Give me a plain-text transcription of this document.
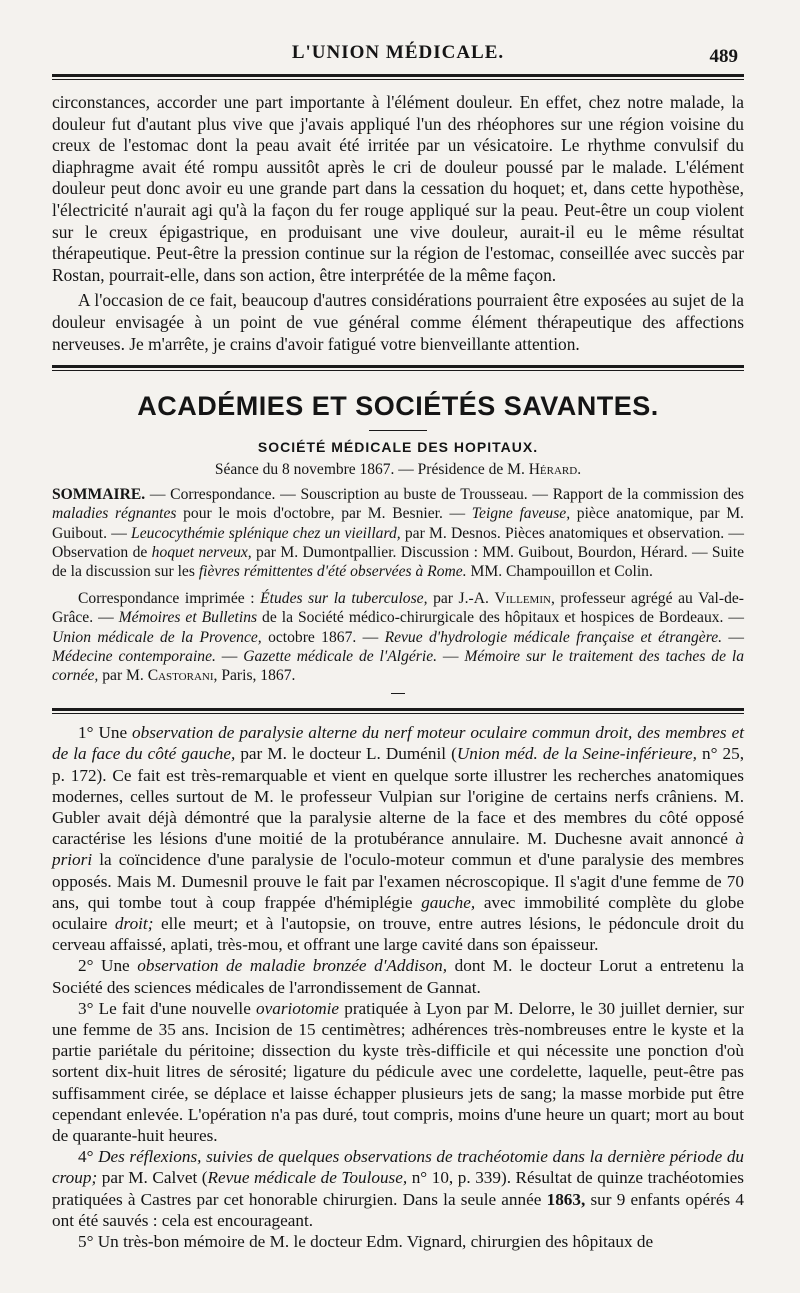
L'UNION MÉDICALE.	489

circonstances, accorder une part importante à l'élément douleur. En effet, chez notre malade, la douleur fut d'autant plus vive que j'avais appliqué l'un des rhéophores sur une région voisine du creux de l'estomac dont la peau avait été irritée par un vésicatoire. Le rhythme convulsif du diaphragme avait été rompu aussitôt après le cri de douleur poussé par le malade. L'élément douleur peut donc avoir eu une grande part dans la cessation du hoquet; et, dans cette hypothèse, l'électricité n'aurait agi qu'à la façon du fer rouge appliqué sur la peau. Peut-être un coup violent sur le creux épigastrique, en produisant une vive douleur, aurait-il eu le même résultat thérapeutique. Peut-être la pression continue sur la région de l'estomac, conseillée avec succès par Rostan, pourrait-elle, dans son action, être interprétée de la même façon.

A l'occasion de ce fait, beaucoup d'autres considérations pourraient être exposées au sujet de la douleur envisagée à un point de vue général comme élément thérapeutique des affections nerveuses. Je m'arrête, je crains d'avoir fatigué votre bienveillante attention.

ACADÉMIES ET SOCIÉTÉS SAVANTES.
SOCIÉTÉ MÉDICALE DES HOPITAUX.
Séance du 8 novembre 1867. — Présidence de M. Hérard.

SOMMAIRE. — Correspondance. — Souscription au buste de Trousseau. — Rapport de la commission des maladies régnantes pour le mois d'octobre, par M. Besnier. — Teigne faveuse, pièce anatomique, par M. Guibout. — Leucocythémie splénique chez un vieillard, par M. Desnos. Pièces anatomiques et observation. — Observation de hoquet nerveux, par M. Dumontpallier. Discussion : MM. Guibout, Bourdon, Hérard. — Suite de la discussion sur les fièvres rémittentes d'été observées à Rome. MM. Champouillon et Colin.

Correspondance imprimée : Études sur la tuberculose, par J.-A. Villemin, professeur agrégé au Val-de-Grâce. — Mémoires et Bulletins de la Société médico-chirurgicale des hôpitaux et hospices de Bordeaux. — Union médicale de la Provence, octobre 1867. — Revue d'hydrologie médicale française et étrangère. — Médecine contemporaine. — Gazette médicale de l'Algérie. — Mémoire sur le traitement des taches de la cornée, par M. Castorani, Paris, 1867.

1° Une observation de paralysie alterne du nerf moteur oculaire commun droit, des membres et de la face du côté gauche, par M. le docteur L. Duménil (Union méd. de la Seine-inférieure, n° 25, p. 172). Ce fait est très-remarquable et vient en quelque sorte illustrer les recherches anatomiques modernes, celles surtout de M. le professeur Vulpian sur l'origine de certains nerfs crâniens. M. Gubler avait déjà démontré que la paralysie alterne de la face et des membres du côté opposé caractérise les lésions d'une moitié de la protubérance annulaire. M. Duchesne avait annoncé à priori la coïncidence d'une paralysie de l'oculo-moteur commun et d'une paralysie des membres opposés. Mais M. Dumesnil prouve le fait par l'examen nécroscopique. Il s'agit d'une femme de 70 ans, qui tombe tout à coup frappée d'hémiplégie gauche, avec immobilité complète du globe oculaire droit; elle meurt; et à l'autopsie, on trouve, entre autres lésions, le pédoncule droit du cerveau affaissé, aplati, très-mou, et offrant une large cavité dans son épaisseur.

2° Une observation de maladie bronzée d'Addison, dont M. le docteur Lorut a entretenu la Société des sciences médicales de l'arrondissement de Gannat.

3° Le fait d'une nouvelle ovariotomie pratiquée à Lyon par M. Delorre, le 30 juillet dernier, sur une femme de 35 ans. Incision de 15 centimètres; adhérences très-nombreuses entre le kyste et la partie pariétale du péritoine; dissection du kyste très-difficile et qui nécessite une ponction d'où sortent dix-huit litres de sérosité; ligature du pédicule avec une cordelette, laquelle, peut-être pas suffisamment cirée, se déplace et laisse échapper plusieurs jets de sang; la masse morbide put être cependant enlevée. L'opération n'a pas duré, tout compris, moins d'une heure un quart; mort au bout de quarante-huit heures.

4° Des réflexions, suivies de quelques observations de trachéotomie dans la dernière période du croup; par M. Calvet (Revue médicale de Toulouse, n° 10, p. 339). Résultat de quinze trachéotomies pratiquées à Castres par cet honorable chirurgien. Dans la seule année 1863, sur 9 enfants opérés 4 ont été sauvés : cela est encourageant.

5° Un très-bon mémoire de M. le docteur Edm. Vignard, chirurgien des hôpitaux de
